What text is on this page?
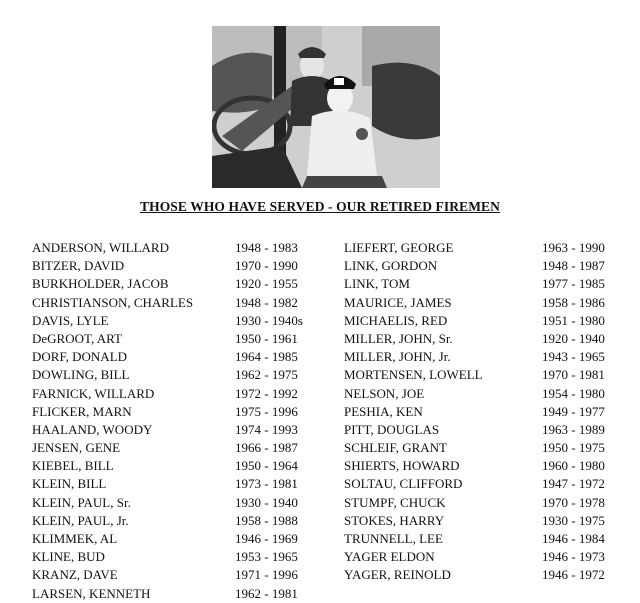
THOSE WHO HAVE SERVED - OUR RETIRED FIREMEN
ANDERSON, WILLARD	1948 - 1983
BITZER, DAVID	1970 - 1990
BURKHOLDER, JACOB	1920 - 1955
CHRISTIANSON, CHARLES	1948 - 1982
DAVIS, LYLE	1930 - 1940s
DeGROOT, ART	1950 - 1961
DORF, DONALD	1964 - 1985
DOWLING, BILL	1962 - 1975
FARNICK, WILLARD	1972 - 1992
FLICKER, MARN	1975 - 1996
HAALAND, WOODY	1974 - 1993
JENSEN, GENE	1966 - 1987
KIEBEL, BILL	1950 - 1964
KLEIN, BILL	1973 - 1981
KLEIN, PAUL, Sr.	1930 - 1940
KLEIN, PAUL, Jr.	1958 - 1988
KLIMMEK, AL	1946 - 1969
KLINE, BUD	1953 - 1965
KRANZ, DAVE	1971 - 1996
LARSEN, KENNETH	1962 - 1981
LIEFERT, GEORGE	1963 - 1990
LINK, GORDON	1948 - 1987
LINK, TOM	1977 - 1985
MAURICE, JAMES	1958 - 1986
MICHAELIS, RED	1951 - 1980
MILLER, JOHN, Sr.	1920 - 1940
MILLER, JOHN, Jr.	1943 - 1965
MORTENSEN, LOWELL	1970 - 1981
NELSON, JOE	1954 - 1980
PESHIA, KEN	1949 - 1977
PITT, DOUGLAS	1963 - 1989
SCHLEIF, GRANT	1950 - 1975
SHIERTS, HOWARD	1960 - 1980
SOLTAU, CLIFFORD	1947 - 1972
STUMPF, CHUCK	1970 - 1978
STOKES, HARRY	1930 - 1975
TRUNNELL, LEE	1946 - 1984
YAGER ELDON	1946 - 1973
YAGER, REINOLD	1946 - 1972
